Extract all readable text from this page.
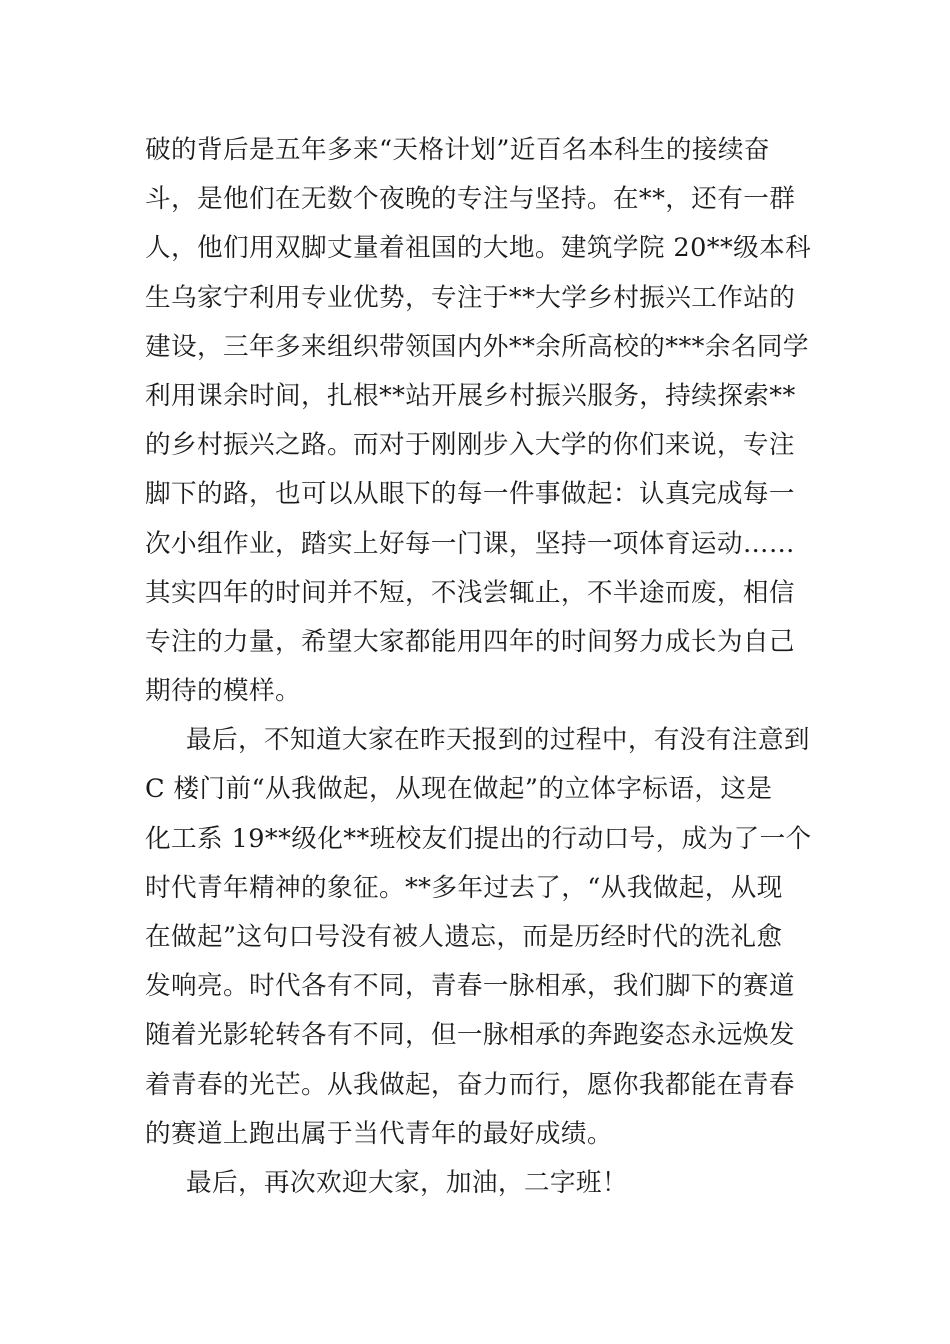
破的背后是五年多来“天格计划”近百名本科生的接续奋
斗，是他们在无数个夜晚的专注与坚持。在**，还有一群
人，他们用双脚丈量着祖国的大地。建筑学院 20**级本科
生乌家宁利用专业优势，专注于**大学乡村振兴工作站的
建设，三年多来组织带领国内外**余所高校的***余名同学
利用课余时间，扎根**站开展乡村振兴服务，持续探索**
的乡村振兴之路。而对于刚刚步入大学的你们来说，专注
脚下的路，也可以从眼下的每一件事做起：认真完成每一
次小组作业，踏实上好每一门课，坚持一项体育运动……
其实四年的时间并不短，不浅尝辄止，不半途而废，相信
专注的力量，希望大家都能用四年的时间努力成长为自己
期待的模样。
最后，不知道大家在昨天报到的过程中，有没有注意到
C 楼门前“从我做起，从现在做起”的立体字标语，这是
化工系 19**级化**班校友们提出的行动口号，成为了一个
时代青年精神的象征。**多年过去了，“从我做起，从现
在做起”这句口号没有被人遗忘，而是历经时代的洗礼愈
发响亮。时代各有不同，青春一脉相承，我们脚下的赛道
随着光影轮转各有不同，但一脉相承的奔跑姿态永远焕发
着青春的光芒。从我做起，奋力而行，愿你我都能在青春
的赛道上跑出属于当代青年的最好成绩。
最后，再次欢迎大家，加油，二字班！
